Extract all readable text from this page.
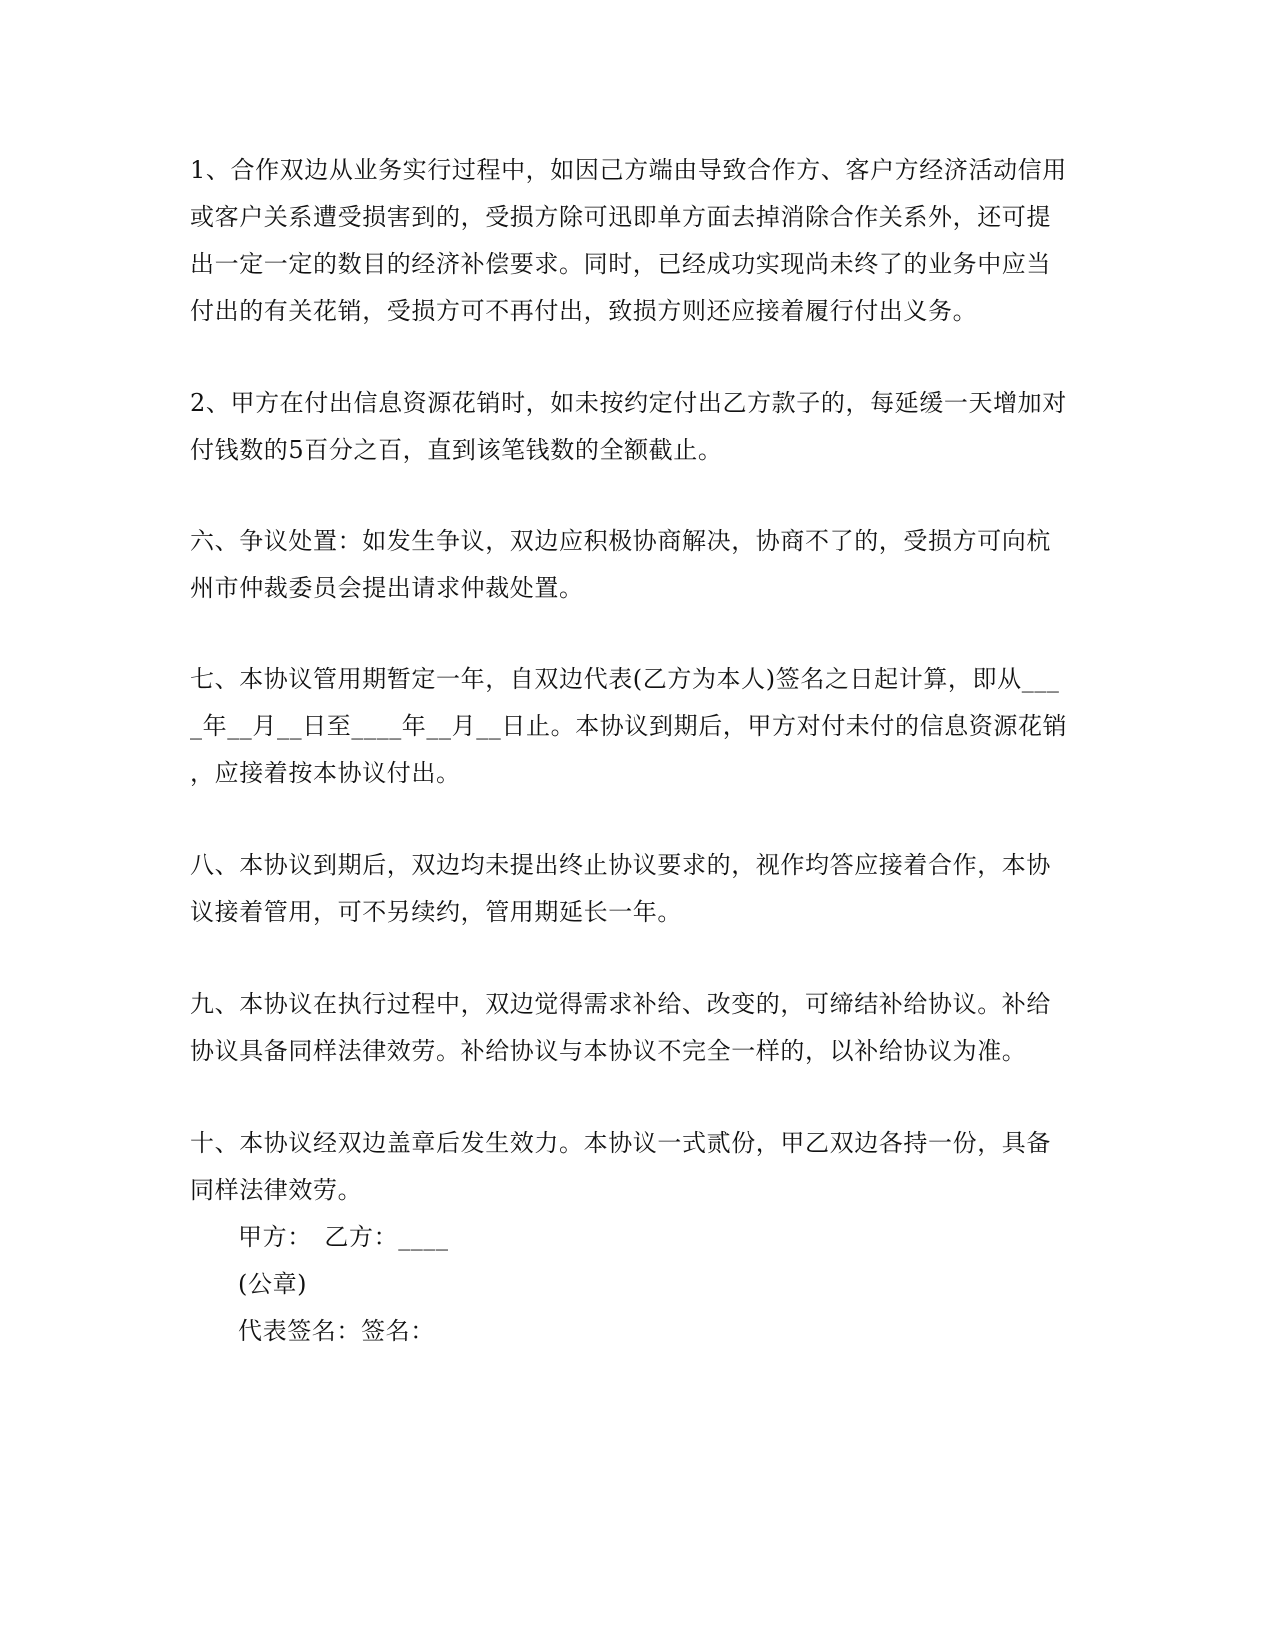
1、合作双边从业务实行过程中，如因己方端由导致合作方、客户方经济活动信用
或客户关系遭受损害到的，受损方除可迅即单方面去掉消除合作关系外，还可提
出一定一定的数目的经济补偿要求。同时，已经成功实现尚未终了的业务中应当
付出的有关花销，受损方可不再付出，致损方则还应接着履行付出义务。
2、甲方在付出信息资源花销时，如未按约定付出乙方款子的，每延缓一天增加对
付钱数的5百分之百，直到该笔钱数的全额截止。
六、争议处置：如发生争议，双边应积极协商解决，协商不了的，受损方可向杭
州市仲裁委员会提出请求仲裁处置。
七、本协议管用期暂定一年，自双边代表(乙方为本人)签名之日起计算，即从___
_年__月__日至____年__月__日止。本协议到期后，甲方对付未付的信息资源花销
，应接着按本协议付出。
八、本协议到期后，双边均未提出终止协议要求的，视作均答应接着合作，本协
议接着管用，可不另续约，管用期延长一年。
九、本协议在执行过程中，双边觉得需求补给、改变的，可缔结补给协议。补给
协议具备同样法律效劳。补给协议与本协议不完全一样的，以补给协议为准。
十、本协议经双边盖章后发生效力。本协议一式贰份，甲乙双边各持一份，具备
同样法律效劳。
甲方：　乙方：____
(公章)
代表签名：签名：
